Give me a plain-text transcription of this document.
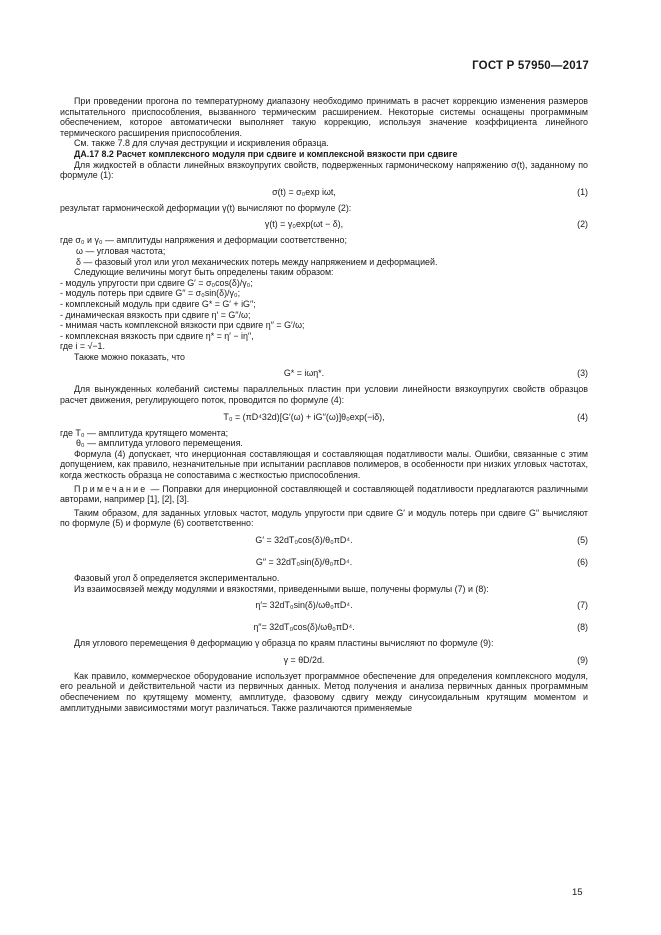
ГОСТ Р 57950—2017

При проведении прогона по температурному диапазону необходимо принимать в расчет коррекцию изменения размеров испытательного приспособления, вызванного термическим расширением. Некоторые системы оснащены программным обеспечением, которое автоматически выполняет такую коррекцию, используя значение коэффициента линейного термического расширения приспособления.

См. также 7.8 для случая деструкции и искривления образца.

ДА.17 8.2 Расчет комплексного модуля при сдвиге и комплексной вязкости при сдвиге

Для жидкостей в области линейных вязкоупругих свойств, подверженных гармоническому напряжению σ(t), заданному по формуле (1):

σ(t) = σ₀exp iωt,	(1)

результат гармонической деформации γ(t) вычисляют по формуле (2):

γ(t) = γ₀exp(ωt − δ),	(2)

где σ₀ и γ₀ — амплитуды напряжения и деформации соответственно;

ω — угловая частота;

δ — фазовый угол или угол механических потерь между напряжением и деформацией.

Следующие величины могут быть определены таким образом:

- модуль упругости при сдвиге G′ = σ₀cos(δ)/γ₀;

- модуль потерь при сдвиге G′′ = σ₀sin(δ)/γ₀;

- комплексный модуль при сдвиге G* = G′ + iG′′;

- динамическая вязкость при сдвиге η′ = G′′/ω;

- мнимая часть комплексной вязкости при сдвиге η′′ = G′/ω;

- комплексная вязкость при сдвиге η* = η′ − iη′′,

где i = √−1.

Также можно показать, что

G* = iωη*.	(3)

Для вынужденных колебаний системы параллельных пластин при условии линейности вязкоупругих свойств образцов расчет движения, регулирующего поток, проводится по формуле (4):

T₀ = (πD⁴32d)[G′(ω) + iG′′(ω)]θ₀exp(−iδ),	(4)

где T₀ — амплитуда крутящего момента;

θ₀ — амплитуда углового перемещения.

Формула (4) допускает, что инерционная составляющая и составляющая податливости малы. Ошибки, связанные с этим допущением, как правило, незначительные при испытании расплавов полимеров, в особенности при низких угловых частотах, когда жесткость образца не сопоставима с жесткостью приспособления.

Примечание — Поправки для инерционной составляющей и составляющей податливости предлагаются различными авторами, например [1], [2], [3].

Таким образом, для заданных угловых частот, модуль упругости при сдвиге G′ и модуль потерь при сдвиге G′′ вычисляют по формуле (5) и формуле (6) соответственно:

G′ = 32dT₀cos(δ)/θ₀πD⁴.	(5)
G′′ = 32dT₀sin(δ)/θ₀πD⁴.	(6)

Фазовый угол δ определяется экспериментально.

Из взаимосвязей между модулями и вязкостями, приведенными выше, получены формулы (7) и (8):

η′= 32dT₀sin(δ)/ωθ₀πD⁴.	(7)
η′′= 32dT₀cos(δ)/ωθ₀πD⁴.	(8)

Для углового перемещения θ деформацию γ образца по краям пластины вычисляют по формуле (9):

γ = θD/2d.	(9)

Как правило, коммерческое оборудование использует программное обеспечение для определения комплексного модуля, его реальной и действительной части из первичных данных. Метод получения и анализа первичных данных программным обеспечением по крутящему моменту, амплитуде, фазовому сдвигу между синусоидальным крутящим моментом и амплитудными зависимостями могут различаться. Также различаются применяемые

15
